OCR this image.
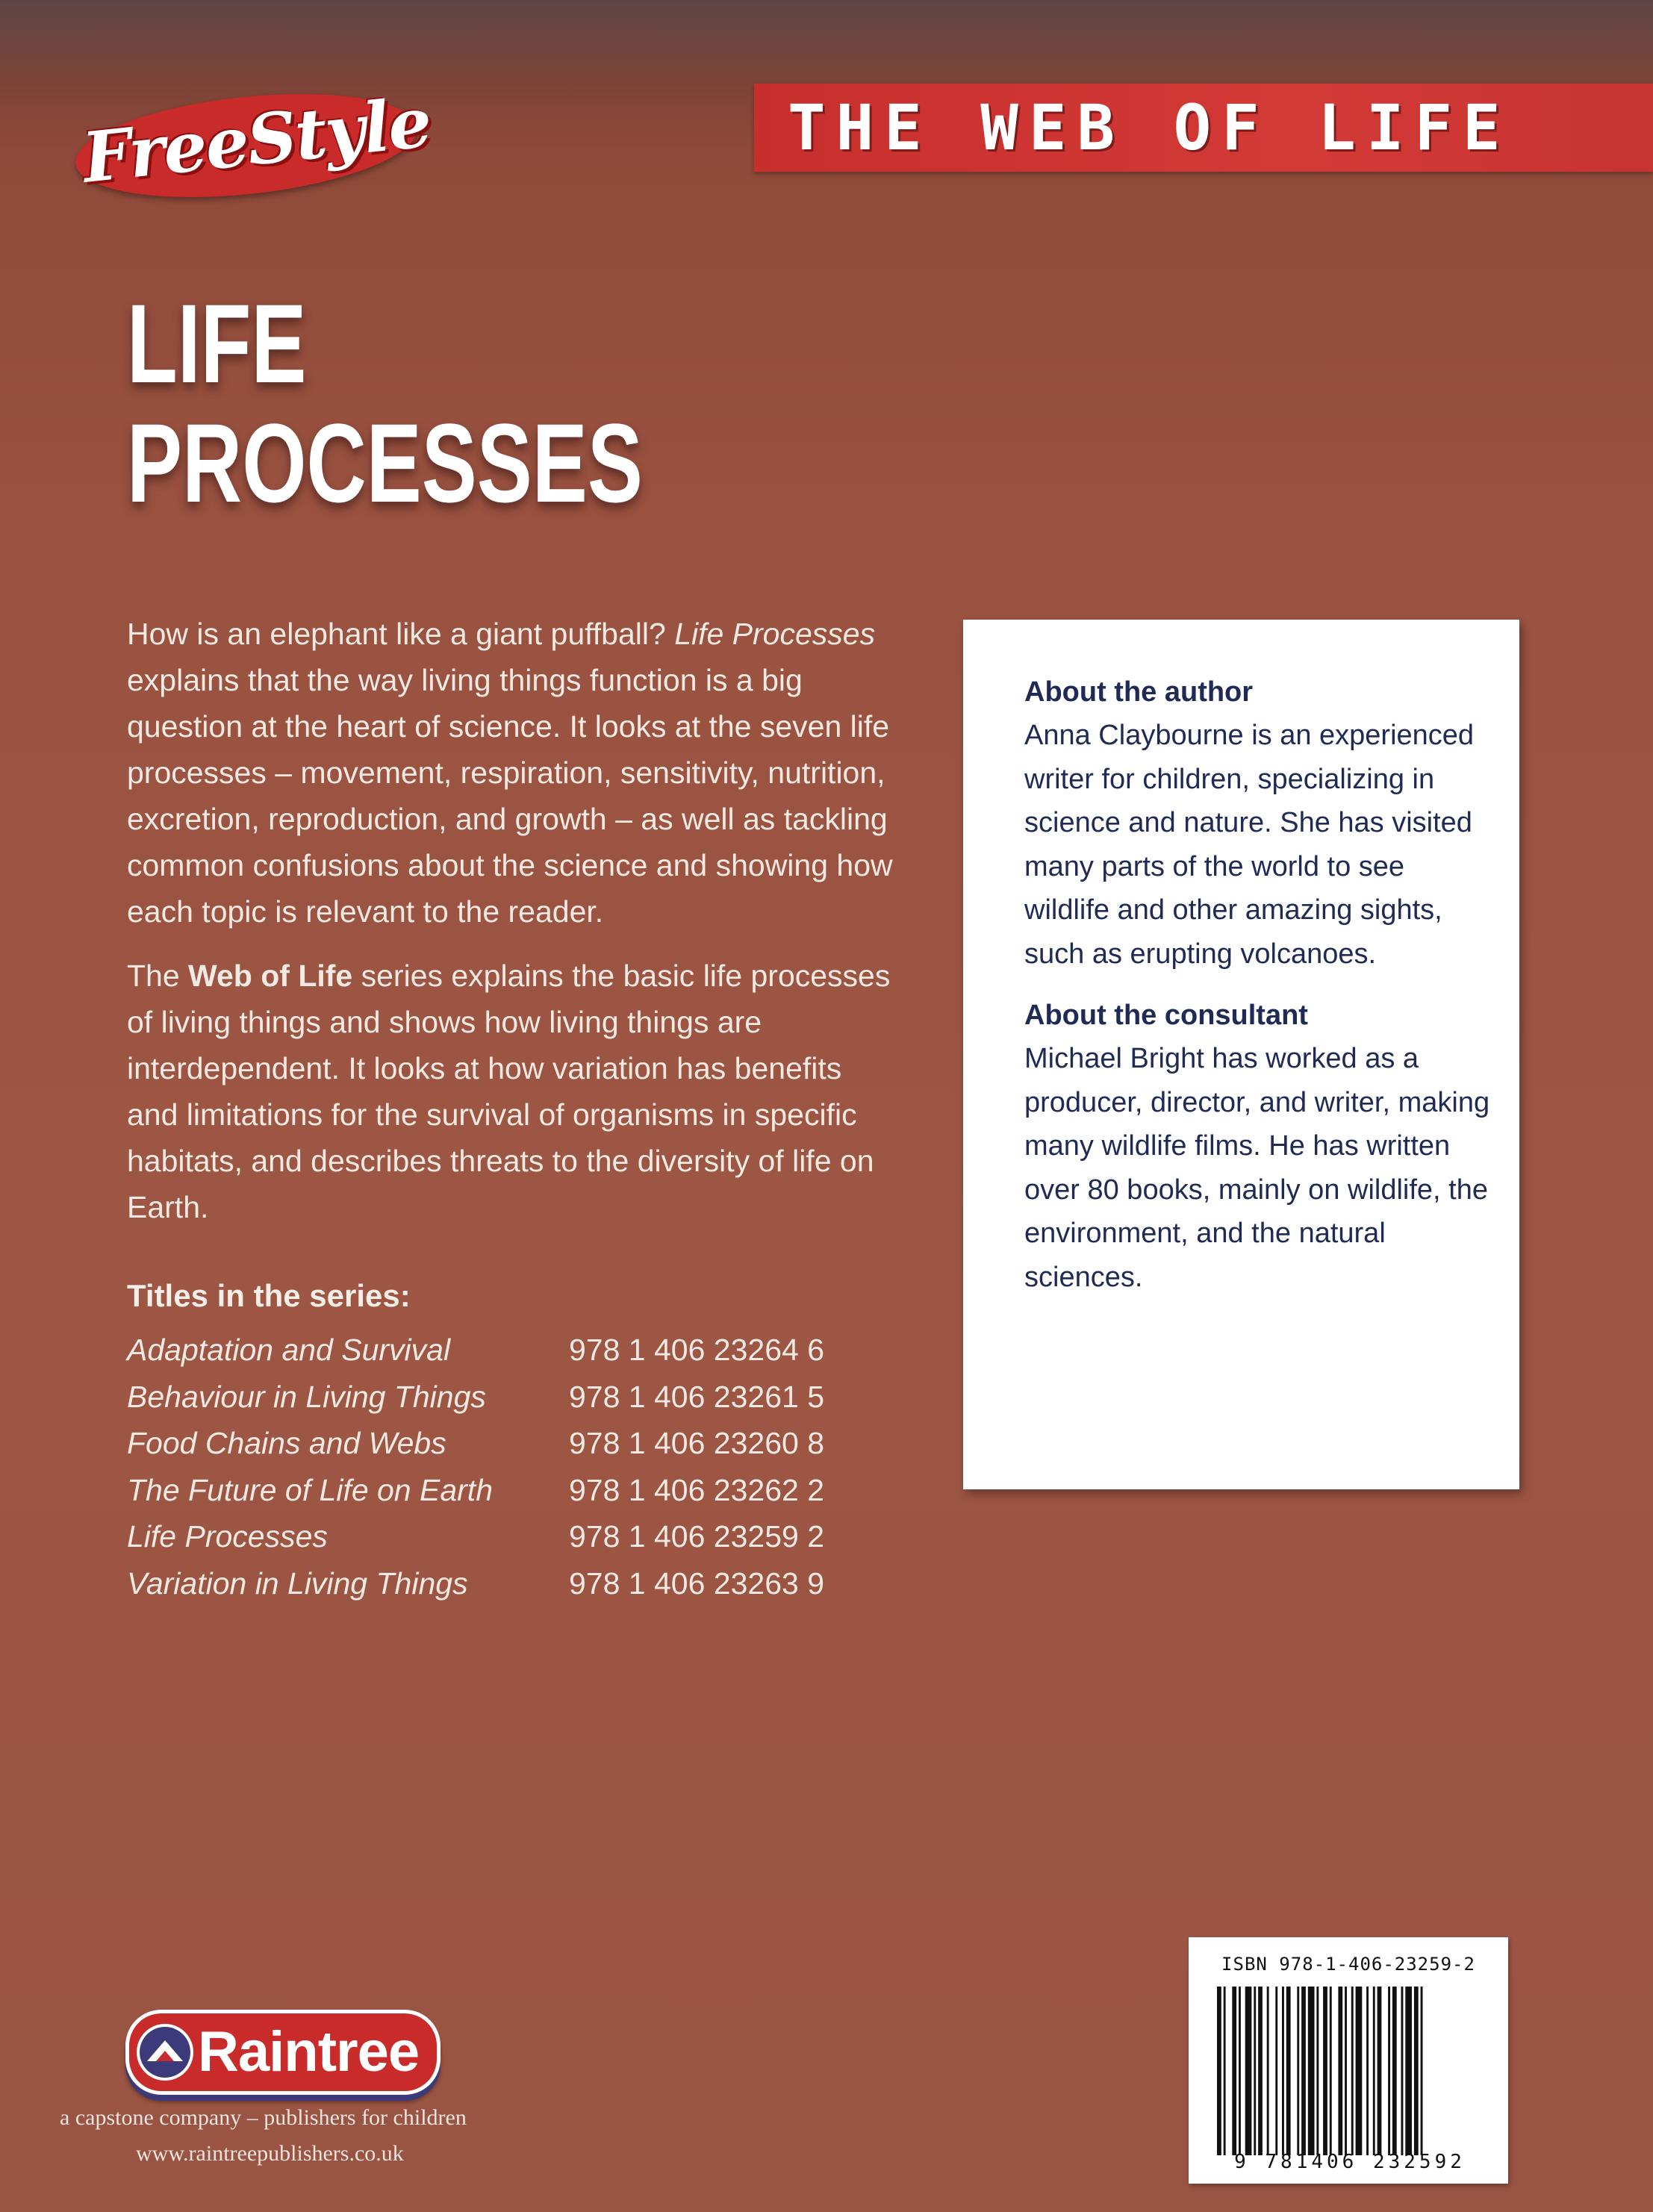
FreeStyle	THE WEB OF LIFE
LIFE
PROCESSES
How is an elephant like a giant puffball? Life Processes explains that the way living things function is a big question at the heart of science. It looks at the seven life processes – movement, respiration, sensitivity, nutrition, excretion, reproduction, and growth – as well as tackling common confusions about the science and showing how each topic is relevant to the reader.
The Web of Life series explains the basic life processes of living things and shows how living things are interdependent. It looks at how variation has benefits and limitations for the survival of organisms in specific habitats, and describes threats to the diversity of life on Earth.
Titles in the series:
Adaptation and Survival	978 1 406 23264 6
Behaviour in Living Things	978 1 406 23261 5
Food Chains and Webs	978 1 406 23260 8
The Future of Life on Earth 978 1 406 23262 2
Life Processes	978 1 406 23259 2
Variation in Living Things	978 1 406 23263 9
About the author
Anna Claybourne is an experienced writer for children, specializing in science and nature. She has visited many parts of the world to see wildlife and other amazing sights, such as erupting volcanoes.
About the consultant
Michael Bright has worked as a producer, director, and writer, making many wildlife films. He has written over 80 books, mainly on wildlife, the environment, and the natural sciences.
Raintree
a capstone company – publishers for children
www.raintreepublishers.co.uk
ISBN 978-1-406-23259-2
9 781406 232592
